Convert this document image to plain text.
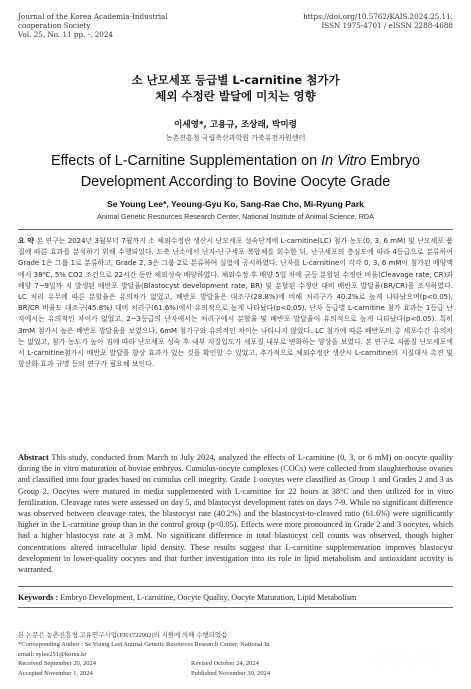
Journal of the Korea Academia-Industrial
cooperation Society
Vol. 25, No. 11 pp. -, 2024
https://doi.org/10.5762/KAIS.2024.25.11.
ISSN 1975-4701 / eISSN 2288-4688
소 난모세포 등급별 L-carnitine 첨가가
체외 수정란 발달에 미치는 영향
이세영*, 고용규, 조상래, 박미령
농촌진흥청 국립축산과학원 가축유전자원센터
Effects of L-Carnitine Supplementation on In Vitro Embryo
Development According to Bovine Oocyte Grade
Se Young Lee*, Yeoung-Gyu Ko, Sang-Rae Cho, Mi-Ryung Park
Animal Genetic Resources Research Center, National Institute of Animal Science, RDA
요 약 본 연구는 2024년 3월부터 7월까지 소 체외수정란 생산시 난모세포 성숙단계에 L-carnitine(LC) 첨가 농도(0, 3, 6 mM) 및 난모세포 품질에 따른 효과를 분석하기 위해 수행되었다. 도축 난소에서 난자-난구세포 복합체를 회수한 뒤, 난구세포의 층심도에 따라 4등급으로 분류하여 Grade 1은 그룹 1로 분류하고, Grade 2, 3은 그룹 2로 분류하여 실험에 공시하였다. 난자를 L-carnitine이 각각 0, 3, 6 mM이 첨가된 배양액에서 38℃, 5% CO2 조건으로 22시간 동안 체외성숙 배양하였다. 체외수정 후 배양 5일 차에 균등 분할된 수정란 비율(Cleavage rate, CR)과 배양 7~9일까 지 발생된 배반포 발달율(Blastocyst development rate, BR) 및 분할된 수정란 대비 배반포 발달율(BR/CR)을 조사하였다. LC 처리 유무에 따른 분할율은 유의차가 없었고, 배반포 발달율은 대조구(28.8%)에 비해 처리구가 40.2%로 높게 나타났으며(p<0.05), BR/CR 비율도 대조구(45.8%) 대비 처리구(61.6%)에서 유의적으로 높게 나타났다(p<0.05). 난자 등급별 L-carnitine 첨가 효과는 1등급 난자에서는 유의적인 차이가 없었고, 2~3등급의 난자에서는 처리구에서 분할율 및 배반포 발달율이 유의적으로 높게 나타났다(p<0.05). 특히 3mM 첨가시 높은 배반포 발달율을 보였으나, 6mM 첨가구와 유의적인 차이는 나타나지 않았다. LC 첨가에 따른 배반포의 총 세포수간 유의차는 없었고, 첨가 농도가 높아 짐에 따라 난모세포 성숙 후 내부 지질입도가 세포질 내부로 변화하는 양상을 보였다. 본 연구로 저품질 난모세포에서 L-carnitine첨가시 배반포 발달을 향상 효과가 있는 것을 확인할 수 있었고, 추가적으로 체외수정란 생산시 L-carnitine의 지질대사 촉진 및 항산화 효과 규명 등의 연구가 필요해 보인다.
Abstract This study, conducted from March to July 2024, analyzed the effects of L-carnitine (0, 3, or 6 mM) on oocyte quality during the in vitro maturation of bovine embryos. Cumulus-oocyte complexes (COCs) were collected from slaughterhouse ovaries and classified into four grades based on cumulus cell integrity. Grade 1 oocytes were classified as Group 1 and Grades 2 and 3 as Group 2. Oocytes were matured in media supplemented with L-carnitine for 22 hours at 38°C and then utilized for in vitro fertilization. Cleavage rates were assessed on day 5, and blastocyst development rates on days 7-9. While no significant difference was observed between cleavage rates, the blastocyst rate (40.2%) and the blastocyst-to-cleaved ratio (61.6%) were significantly higher in the L-carnitine group than in the control group (p<0.05). Effects were more pronounced in Grade 2 and 3 oocytes, which had a higher blastocyst rate at 3 mM. No significant difference in total blastocyst cell counts was observed, though higher concentrations altered intracellular lipid density. These results suggest that L-carnitine supplementation improves blastocyst development in lower-quality oocytes and that further investigation into its role in lipid metabolism and antioxidant activity is warranted.
Keywords : Embryo Development, L-carnitine, Oocyte Quality, Oocyte Maturation, Lipid Metabolism
본 논문은 농촌진흥청 고유연구사업(PJ01722902)의 지원에 의해 수행되었음
*Corresponding Author : Se Young Lee(Animal Genetic Resources Research Center, National In
email: sylee251@korea.kr
Received September 20, 2024	Revised October 24, 2024
Accepted November 1, 2024	Published November 30, 2024
한민일보
